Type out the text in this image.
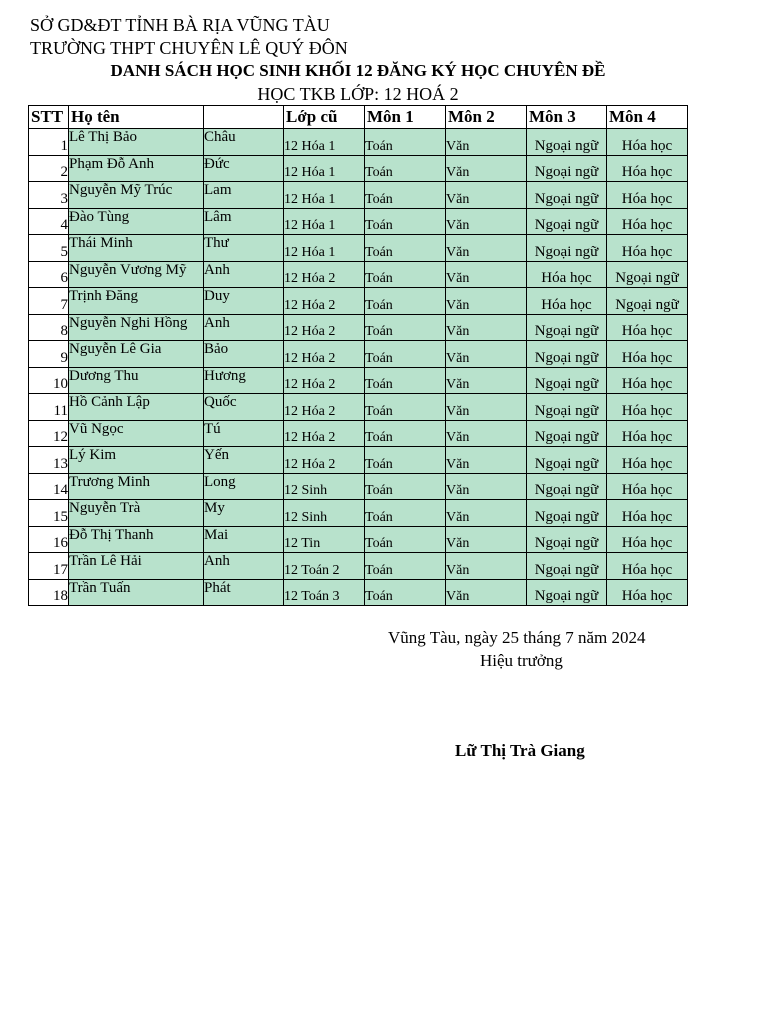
SỞ GD&ĐT TỈNH BÀ RỊA VŨNG TÀU
TRƯỜNG THPT CHUYÊN LÊ QUÝ ĐÔN
DANH SÁCH HỌC SINH KHỐI 12 ĐĂNG KÝ HỌC CHUYÊN ĐỀ
HỌC TKB LỚP: 12 HOÁ 2
STT	Họ tên		Lớp cũ	Môn 1	Môn 2	Môn 3	Môn 4
1	Lê Thị Bảo	Châu	12 Hóa 1	Toán	Văn	Ngoại ngữ	Hóa học
2	Phạm Đỗ Anh	Đức	12 Hóa 1	Toán	Văn	Ngoại ngữ	Hóa học
3	Nguyễn Mỹ Trúc	Lam	12 Hóa 1	Toán	Văn	Ngoại ngữ	Hóa học
4	Đào Tùng	Lâm	12 Hóa 1	Toán	Văn	Ngoại ngữ	Hóa học
5	Thái Minh	Thư	12 Hóa 1	Toán	Văn	Ngoại ngữ	Hóa học
6	Nguyễn Vương Mỹ	Anh	12 Hóa 2	Toán	Văn	Hóa học	Ngoại ngữ
7	Trịnh Đăng	Duy	12 Hóa 2	Toán	Văn	Hóa học	Ngoại ngữ
8	Nguyễn Nghi Hồng	Anh	12 Hóa 2	Toán	Văn	Ngoại ngữ	Hóa học
9	Nguyễn Lê Gia	Bảo	12 Hóa 2	Toán	Văn	Ngoại ngữ	Hóa học
10	Dương Thu	Hương	12 Hóa 2	Toán	Văn	Ngoại ngữ	Hóa học
11	Hồ Cảnh Lập	Quốc	12 Hóa 2	Toán	Văn	Ngoại ngữ	Hóa học
12	Vũ Ngọc	Tú	12 Hóa 2	Toán	Văn	Ngoại ngữ	Hóa học
13	Lý Kim	Yến	12 Hóa 2	Toán	Văn	Ngoại ngữ	Hóa học
14	Trương Minh	Long	12 Sinh	Toán	Văn	Ngoại ngữ	Hóa học
15	Nguyễn Trà	My	12 Sinh	Toán	Văn	Ngoại ngữ	Hóa học
16	Đỗ Thị Thanh	Mai	12 Tin	Toán	Văn	Ngoại ngữ	Hóa học
17	Trần Lê Hải	Anh	12 Toán 2	Toán	Văn	Ngoại ngữ	Hóa học
18	Trần Tuấn	Phát	12 Toán 3	Toán	Văn	Ngoại ngữ	Hóa học
Vũng Tàu, ngày 25 tháng 7 năm 2024
Hiệu trưởng
Lữ Thị Trà Giang
